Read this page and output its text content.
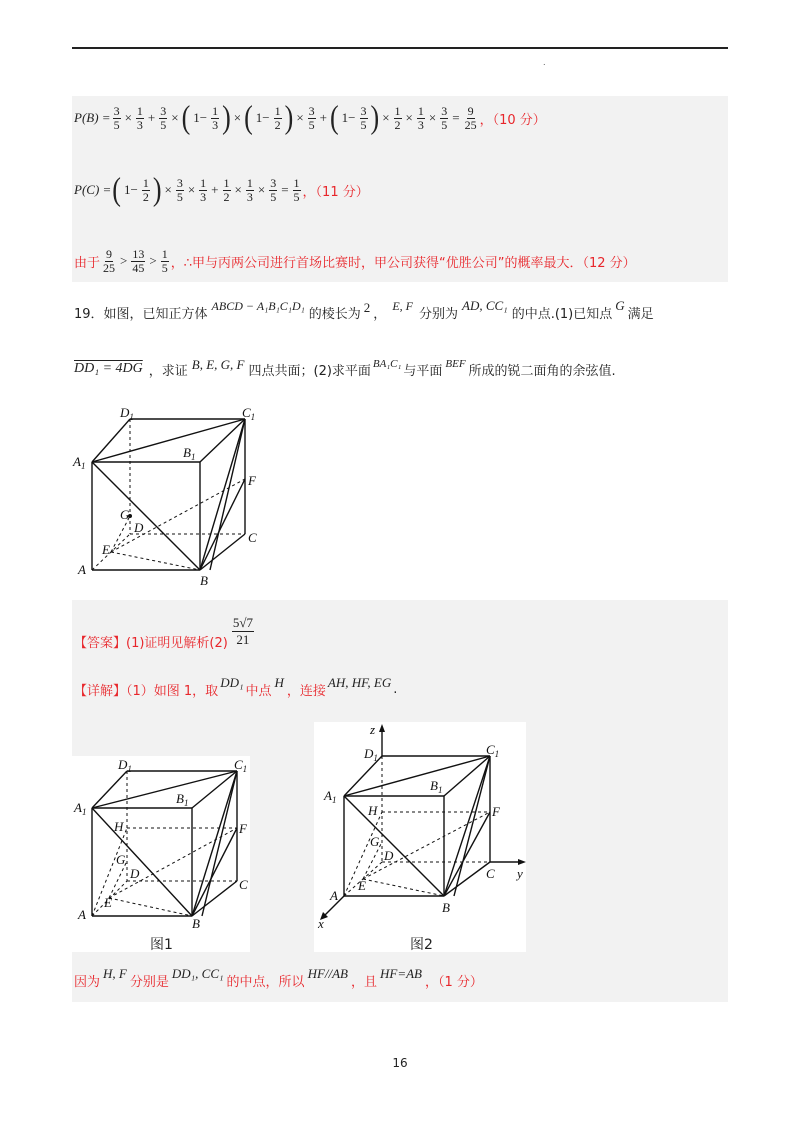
.
$P(B) = \frac{3}{5} \times \frac{1}{3} + \frac{3}{5}$ × ( $1- \frac{1}{3}$ ) × ( $1- \frac{1}{2}$ ) × $\frac{3}{5}$ + ( $1- \frac{3}{5}$ ) × $\frac{1}{2} \times \frac{1}{3} \times \frac{3}{5} = \frac{9}{25}$ ，（10 分）
P(C) = ( $1- \frac{1}{2}$ ) × $\frac{3}{5} \times \frac{1}{3} + \frac{1}{2} \times \frac{1}{3} \times \frac{3}{5} = \frac{1}{5}$ ，（11 分）
由于 $\frac{9}{25} > \frac{13}{45} > \frac{1}{5}$ ，∴甲与丙两公司进行首场比赛时，甲公司获得“优胜公司”的概率最大．（12 分）
19．如图，已知正方体
ABCD − A₁B₁C₁D₁
的棱长为 2 ，
E, F
分别为
AD, CC₁
的中点.(1)已知点
G
满足
DD₁ = 4DG ，求证 B, E, G, F 四点共面；(2)求平面 BA₁C₁ 与平面 BEF 所成的锐二面角的余弦值.
$D_1$	$C_1$
$A_1$
$B_1$
F
G
D
C
E
A
B
【答案】(1)证明见解析$(2) \frac{5√7}{21}$
【详解】（1）如图 1，取
DD₁
中点
H
，连接
AH, HF, EG .
$D_1$	$C_1$
$A_1$
$B_1$
H	F
G
D
C
E
A
B
图1
z
$D_1$
$C_1$
$A_1$
$B_1$
H	F
G
D
C y
E
A
B
x
图2
因为
H, F
分别是
DD₁, CC₁
的中点，所以
HF//AB
，且
HF=AB
，（1 分）
16
